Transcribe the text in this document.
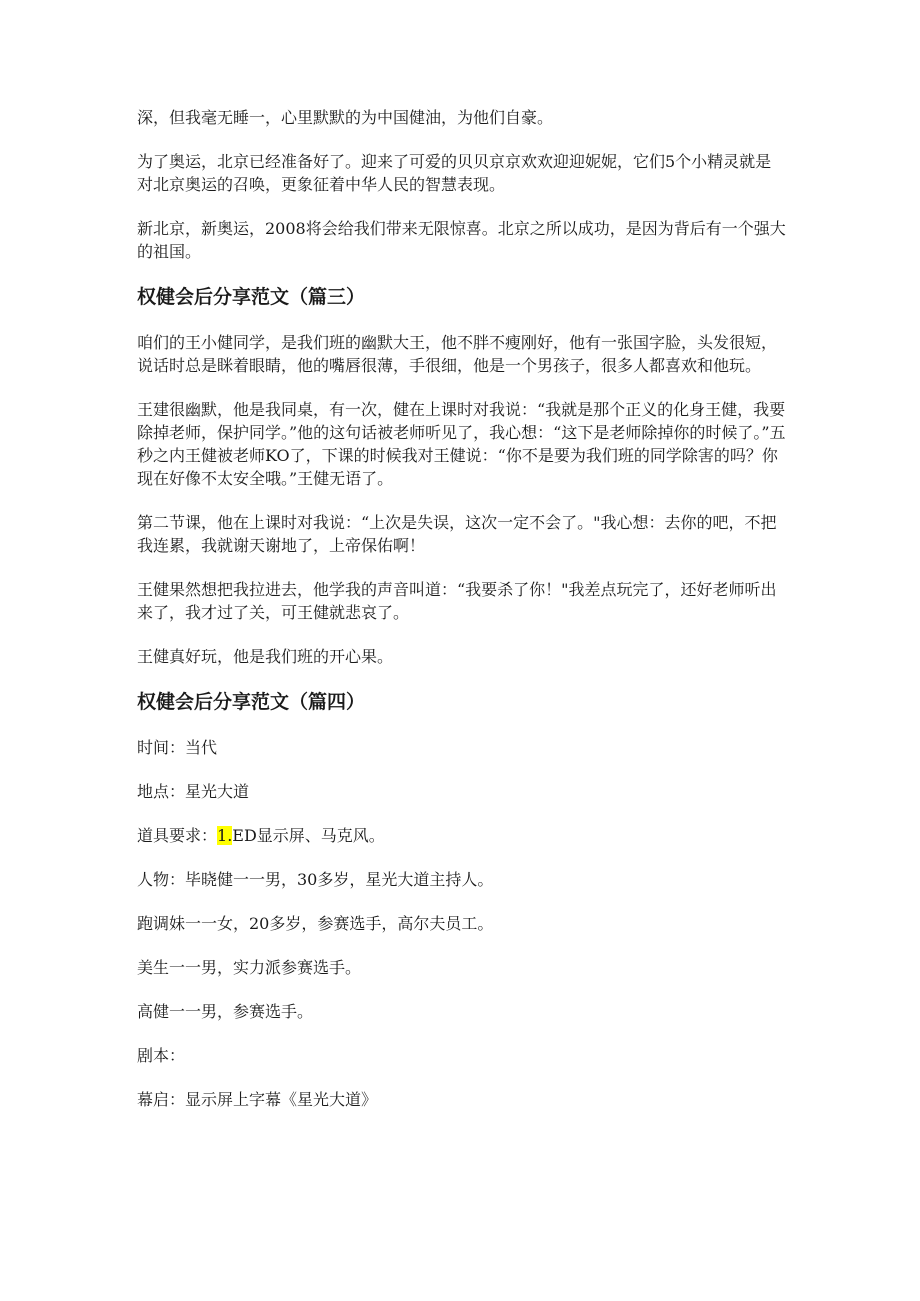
深，但我毫无睡一，心里默默的为中国健油，为他们自豪。

为了奥运，北京已经准备好了。迎来了可爱的贝贝京京欢欢迎迎妮妮，它们5个小精灵就是对北京奥运的召唤，更象征着中华人民的智慧表现。

新北京，新奥运，2008将会给我们带来无限惊喜。北京之所以成功，是因为背后有一个强大的祖国。

权健会后分享范文（篇三）

咱们的王小健同学，是我们班的幽默大王，他不胖不瘦刚好，他有一张国字脸，头发很短，说话时总是眯着眼睛，他的嘴唇很薄，手很细，他是一个男孩子，很多人都喜欢和他玩。

王建很幽默，他是我同桌，有一次，健在上课时对我说：“我就是那个正义的化身王健，我要除掉老师，保护同学。”他的这句话被老师听见了，我心想：“这下是老师除掉你的时候了。”五秒之内王健被老师KO了，下课的时候我对王健说：“你不是要为我们班的同学除害的吗？你现在好像不太安全哦。”王健无语了。

第二节课，他在上课时对我说：“上次是失误，这次一定不会了。"我心想：去你的吧，不把我连累，我就谢天谢地了，上帝保佑啊！

王健果然想把我拉进去，他学我的声音叫道：“我要杀了你！"我差点玩完了，还好老师听出来了，我才过了关，可王健就悲哀了。

王健真好玩，他是我们班的开心果。

权健会后分享范文（篇四）

时间：当代

地点：星光大道

道具要求：1.ED显示屏、马克风。

人物：毕晓健一一男，30多岁，星光大道主持人。

跑调妹一一女，20多岁，参赛选手，高尔夫员工。

美生一一男，实力派参赛选手。

高健一一男，参赛选手。

剧本：

幕启：显示屏上字幕《星光大道》
